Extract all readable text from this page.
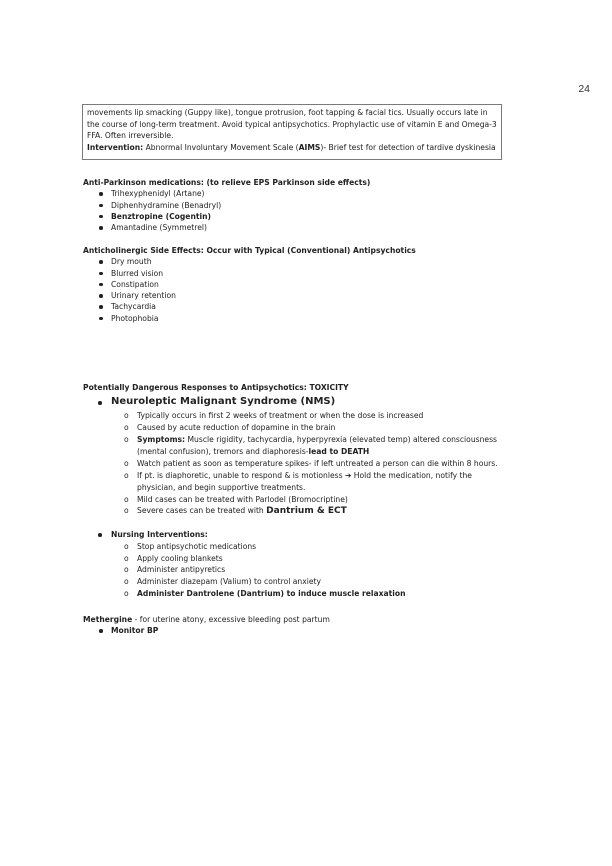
24

movements lip smacking (Guppy like), tongue protrusion, foot tapping & facial tics. Usually occurs late in

the course of long-term treatment. Avoid typical antipsychotics. Prophylactic use of vitamin E and Omega-3

FFA. Often irreversible.

Intervention: Abnormal Involuntary Movement Scale (AIMS)- Brief test for detection of tardive dyskinesia

Anti-Parkinson medications: (to relieve EPS Parkinson side effects)

Trihexyphenidyl (Artane)
Diphenhydramine (Benadryl)
Benztropine (Cogentin)
Amantadine (Symmetrel)

Anticholinergic Side Effects: Occur with Typical (Conventional) Antipsychotics

Dry mouth
Blurred vision
Constipation
Urinary retention
Tachycardia
Photophobia

Potentially Dangerous Responses to Antipsychotics: TOXICITY

Neuroleptic Malignant Syndrome (NMS)
o Typically occurs in first 2 weeks of treatment or when the dose is increased
o Caused by acute reduction of dopamine in the brain
o Symptoms: Muscle rigidity, tachycardia, hyperpyrexia (elevated temp) altered consciousness
(mental confusion), tremors and diaphoresis-lead to DEATH
o Watch patient as soon as temperature spikes- if left untreated a person can die within 8 hours.
o If pt. is diaphoretic, unable to respond & is motionless ➔ Hold the medication, notify the
physician, and begin supportive treatments.
o Mild cases can be treated with Parlodel (Bromocriptine)
o Severe cases can be treated with Dantrium & ECT
Nursing Interventions:
o Stop antipsychotic medications
o Apply cooling blankets
o Administer antipyretics
o Administer diazepam (Valium) to control anxiety
o Administer Dantrolene (Dantrium) to induce muscle relaxation

Methergine - for uterine atony, excessive bleeding post partum

Monitor BP
